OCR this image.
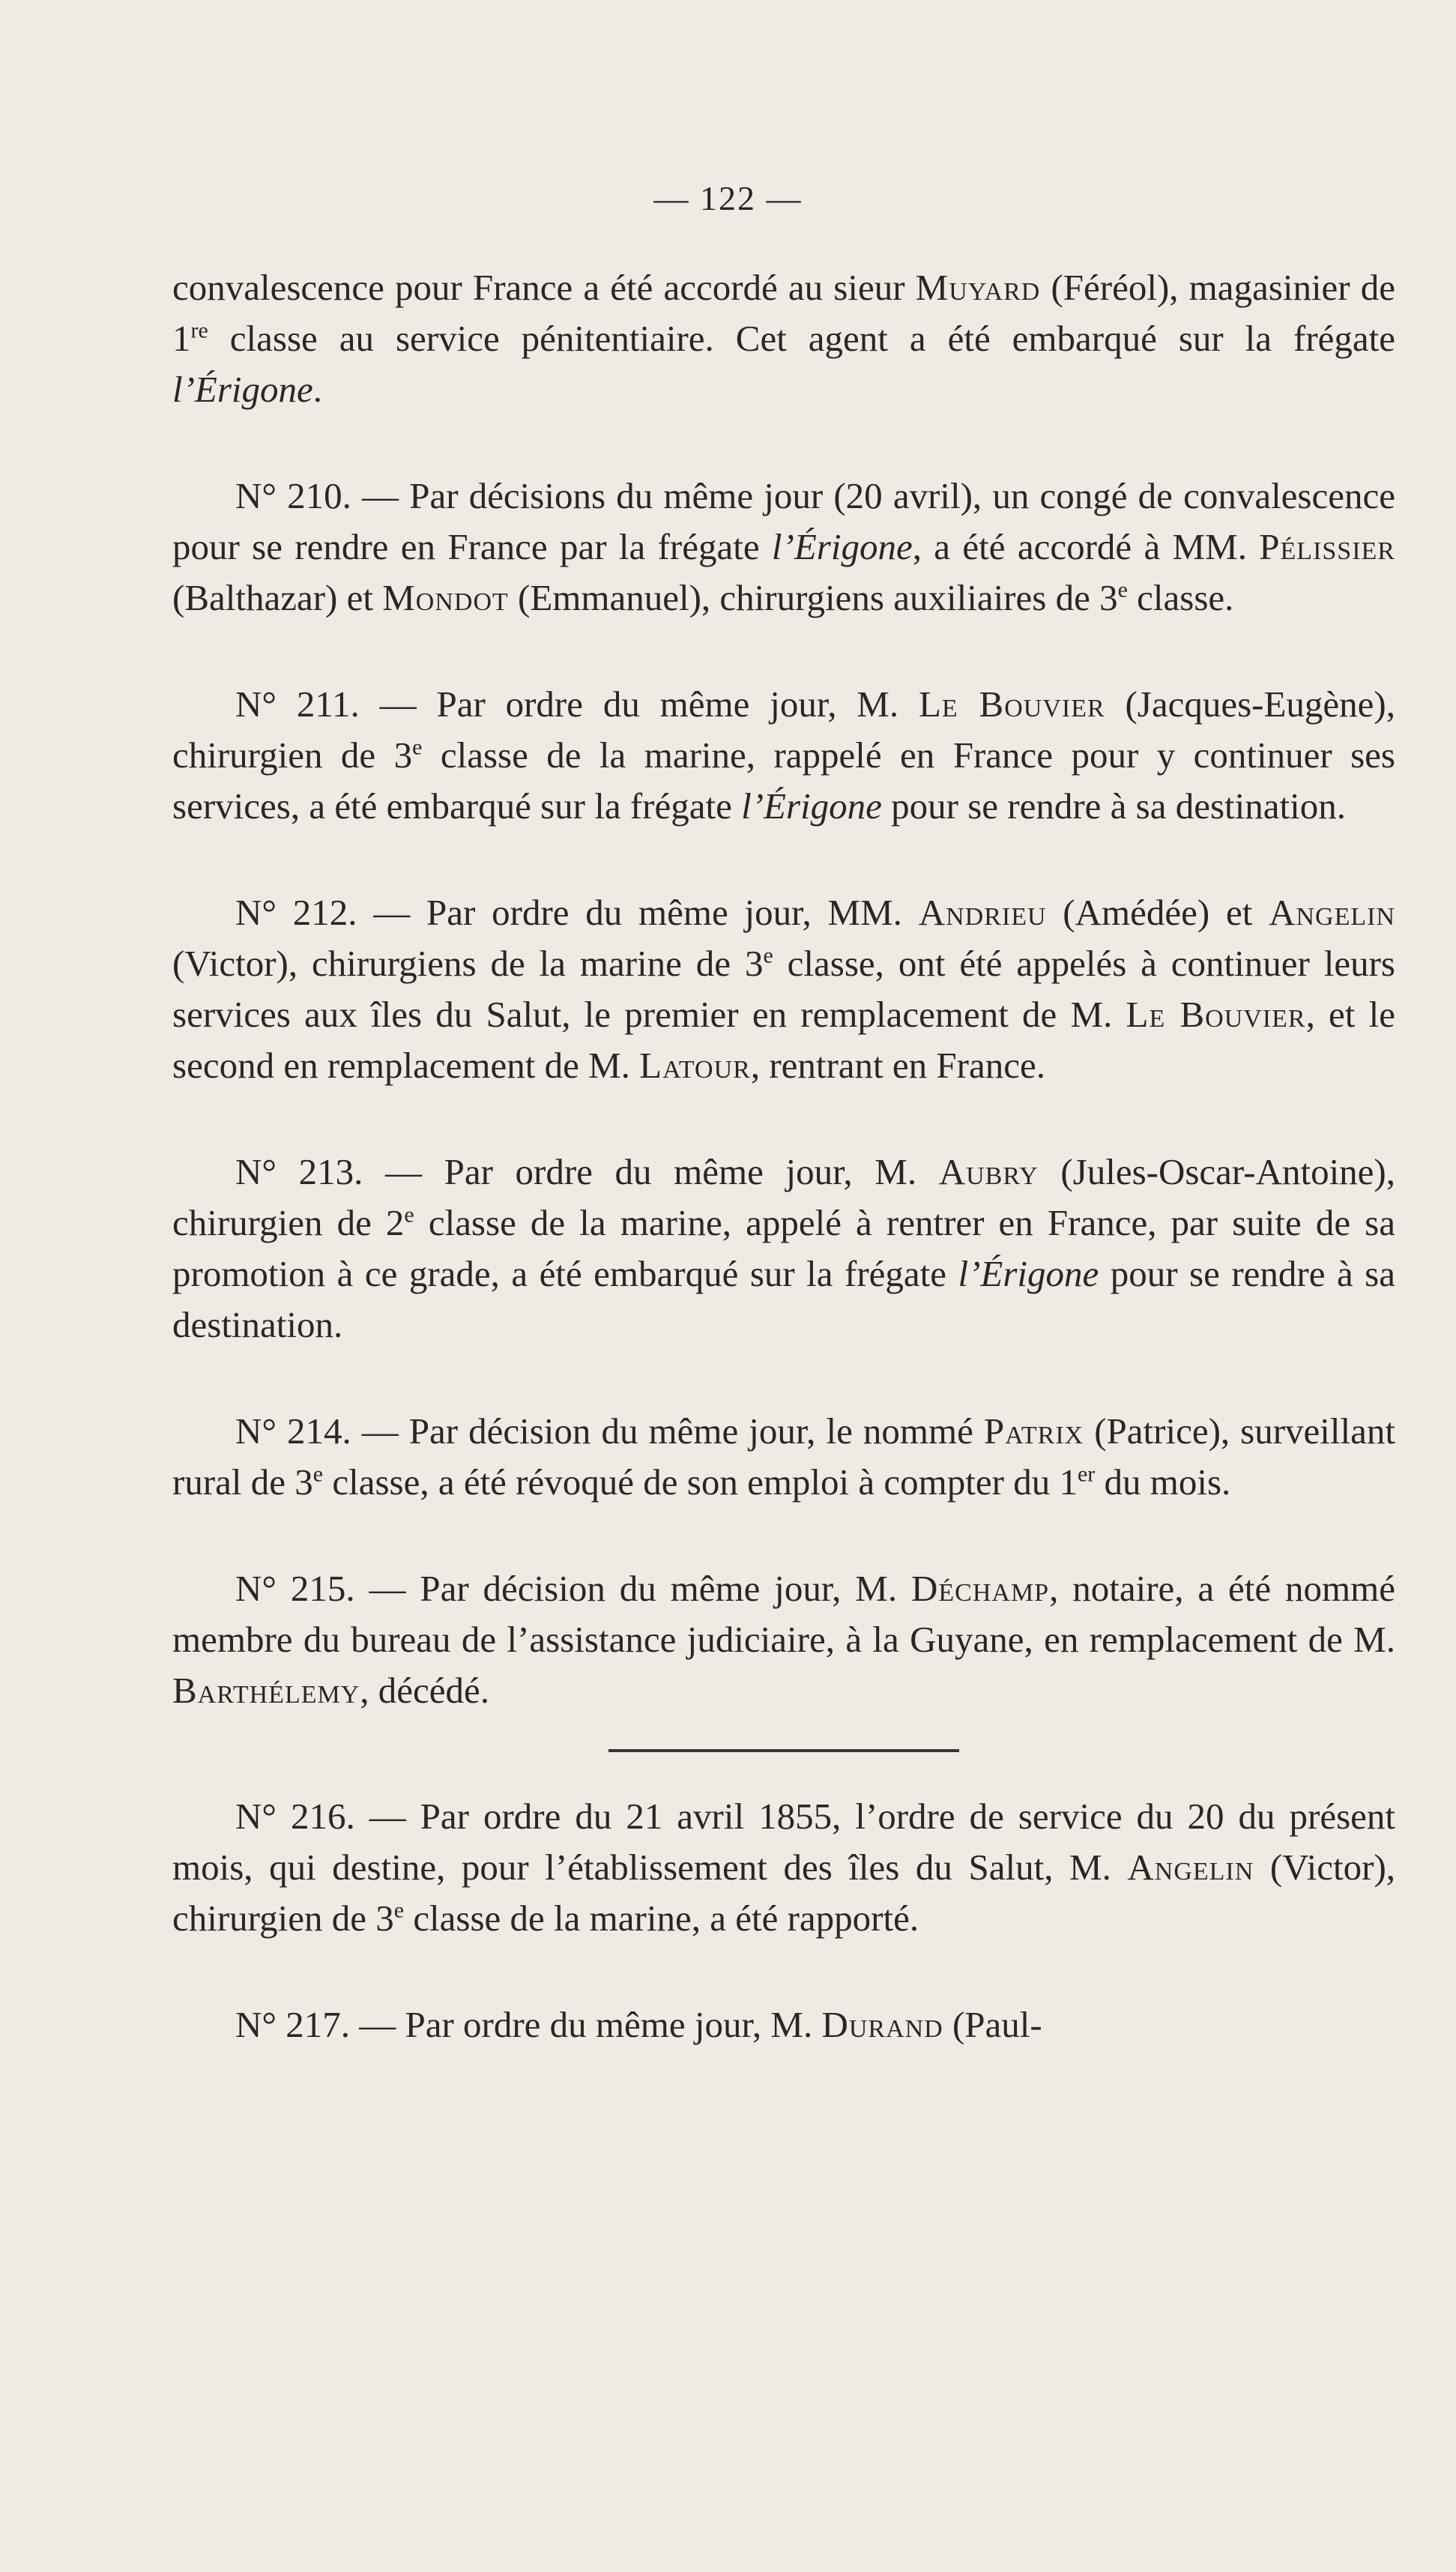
— 122 —

convalescence pour France a été accordé au sieur Muyard (Féréol), magasinier de 1re classe au service pénitentiaire. Cet agent a été embarqué sur la frégate l’Érigone.

N° 210. — Par décisions du même jour (20 avril), un congé de convalescence pour se rendre en France par la frégate l’Érigone, a été accordé à MM. Pélissier (Balthazar) et Mondot (Emmanuel), chirurgiens auxiliaires de 3e classe.

N° 211. — Par ordre du même jour, M. Le Bouvier (Jacques-Eugène), chirurgien de 3e classe de la marine, rappelé en France pour y continuer ses services, a été embarqué sur la frégate l’Érigone pour se rendre à sa destination.

N° 212. — Par ordre du même jour, MM. Andrieu (Amédée) et Angelin (Victor), chirurgiens de la marine de 3e classe, ont été appelés à continuer leurs services aux îles du Salut, le premier en remplacement de M. Le Bouvier, et le second en remplacement de M. Latour, rentrant en France.

N° 213. — Par ordre du même jour, M. Aubry (Jules-Oscar-Antoine), chirurgien de 2e classe de la marine, appelé à rentrer en France, par suite de sa promotion à ce grade, a été embarqué sur la frégate l’Érigone pour se rendre à sa destination.

N° 214. — Par décision du même jour, le nommé Patrix (Patrice), surveillant rural de 3e classe, a été révoqué de son emploi à compter du 1er du mois.

N° 215. — Par décision du même jour, M. Déchamp, notaire, a été nommé membre du bureau de l’assistance judiciaire, à la Guyane, en remplacement de M. Barthélemy, décédé.

N° 216. — Par ordre du 21 avril 1855, l’ordre de service du 20 du présent mois, qui destine, pour l’établissement des îles du Salut, M. Angelin (Victor), chirurgien de 3e classe de la marine, a été rapporté.

N° 217. — Par ordre du même jour, M. Durand (Paul-
